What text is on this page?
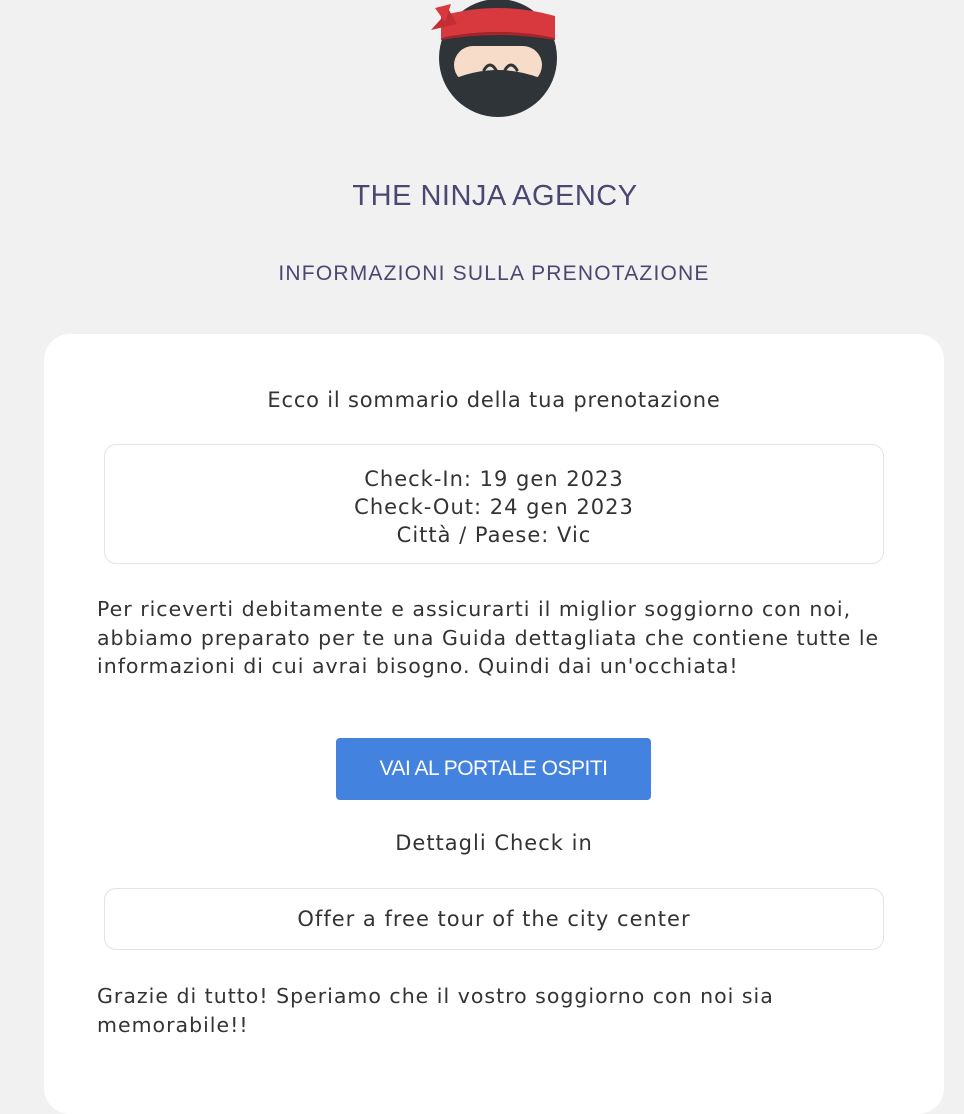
THE NINJA AGENCY
INFORMAZIONI SULLA PRENOTAZIONE
Ecco il sommario della tua prenotazione
Check-In: 19 gen 2023
Check-Out: 24 gen 2023
Città / Paese: Vic
Per riceverti debitamente e assicurarti il miglior soggiorno con noi, abbiamo preparato per te una Guida dettagliata che contiene tutte le informazioni di cui avrai bisogno. Quindi dai un'occhiata!
VAI AL PORTALE OSPITI
Dettagli Check in
Offer a free tour of the city center
Grazie di tutto! Speriamo che il vostro soggiorno con noi sia memorabile!!
